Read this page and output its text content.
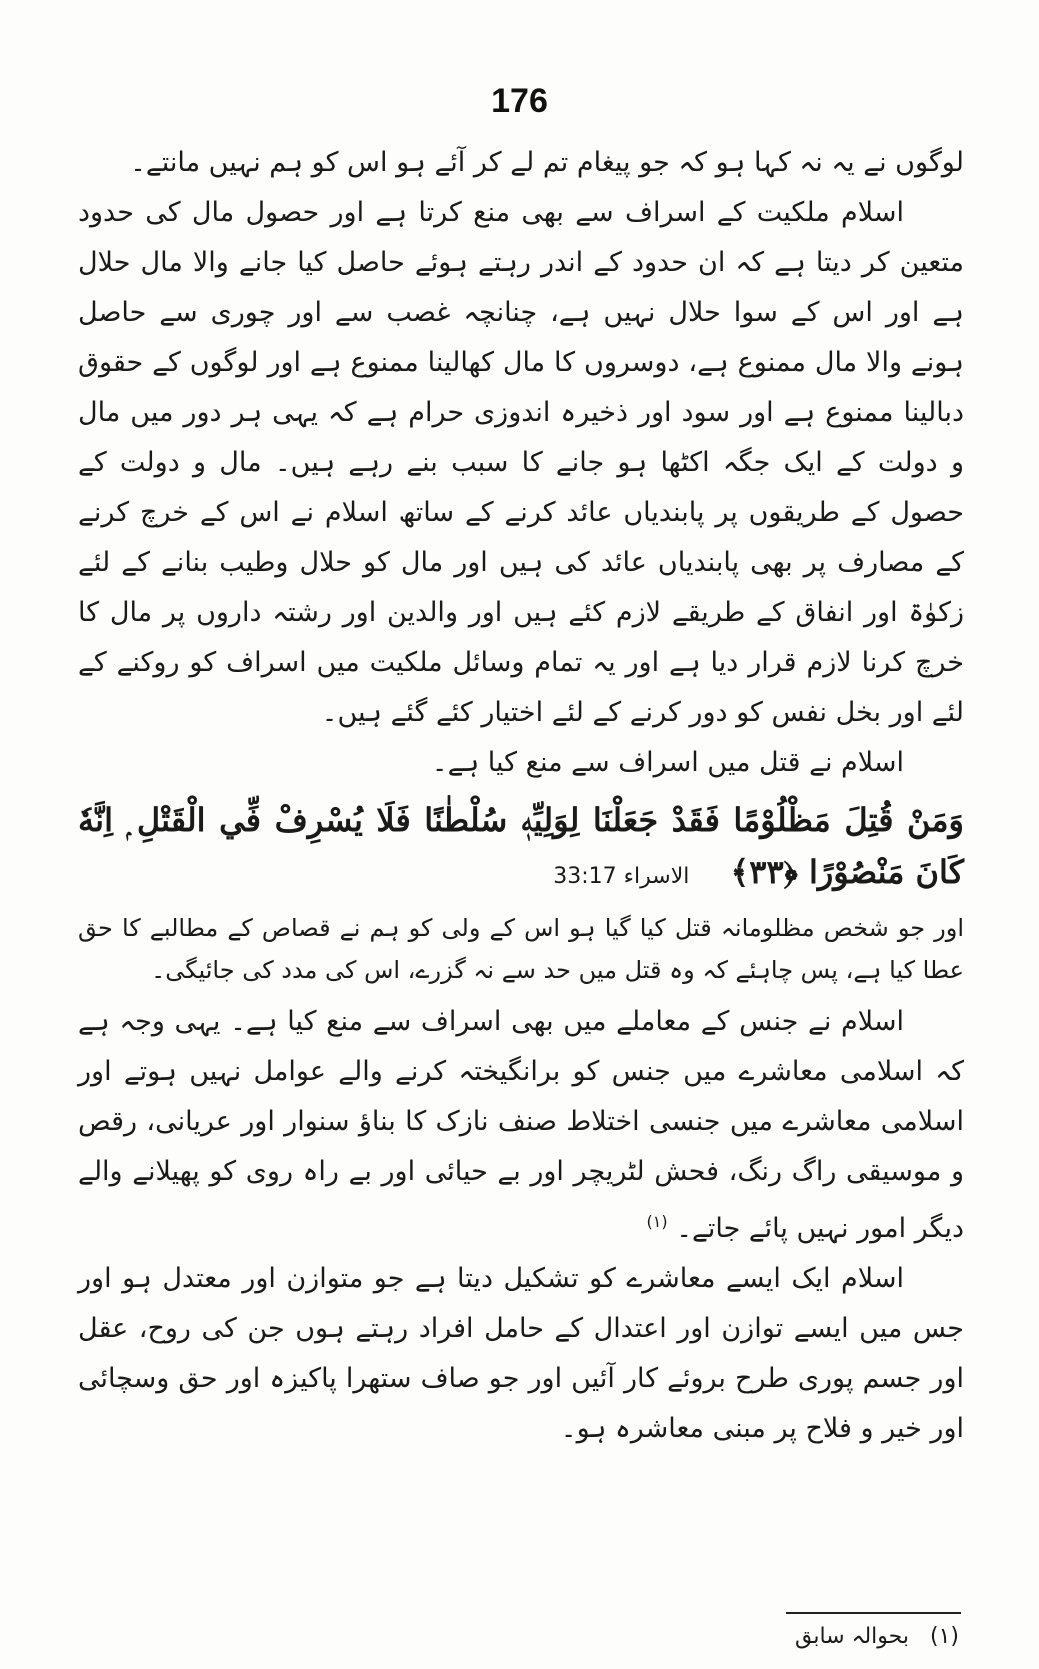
176

لوگوں نے یہ نہ کہا ہو کہ جو پیغام تم لے کر آئے ہو اس کو ہم نہیں مانتے۔

اسلام ملکیت کے اسراف سے بھی منع کرتا ہے اور حصول مال کی حدود متعین کر دیتا ہے کہ ان حدود کے اندر رہتے ہوئے حاصل کیا جانے والا مال حلال ہے اور اس کے سوا حلال نہیں ہے، چنانچہ غصب سے اور چوری سے حاصل ہونے والا مال ممنوع ہے، دوسروں کا مال کھالینا ممنوع ہے اور لوگوں کے حقوق دبالینا ممنوع ہے اور سود اور ذخیرہ اندوزی حرام ہے کہ یہی ہر دور میں مال و دولت کے ایک جگہ اکٹھا ہو جانے کا سبب بنے رہے ہیں۔ مال و دولت کے حصول کے طریقوں پر پابندیاں عائد کرنے کے ساتھ اسلام نے اس کے خرچ کرنے کے مصارف پر بھی پابندیاں عائد کی ہیں اور مال کو حلال وطیب بنانے کے لئے زکوٰۃ اور انفاق کے طریقے لازم کئے ہیں اور والدین اور رشتہ داروں پر مال کا خرچ کرنا لازم قرار دیا ہے اور یہ تمام وسائل ملکیت میں اسراف کو روکنے کے لئے اور بخل نفس کو دور کرنے کے لئے اختیار کئے گئے ہیں۔

اسلام نے قتل میں اسراف سے منع کیا ہے۔

وَمَنْ قُتِلَ مَظْلُوْمًا فَقَدْ جَعَلْنَا لِوَلِيِّهٖ سُلْطٰنًا فَلَا يُسْرِفْ فِّي الْقَتْلِ ۭ اِنَّهٗ كَانَ مَنْصُوْرًا ﴿۳۳﴾ الاسراء 33:17

اور جو شخص مظلومانہ قتل کیا گیا ہو اس کے ولی کو ہم نے قصاص کے مطالبے کا حق عطا کیا ہے، پس چاہئے کہ وہ قتل میں حد سے نہ گزرے، اس کی مدد کی جائیگی۔

اسلام نے جنس کے معاملے میں بھی اسراف سے منع کیا ہے۔ یہی وجہ ہے کہ اسلامی معاشرے میں جنس کو برانگیختہ کرنے والے عوامل نہیں ہوتے اور اسلامی معاشرے میں جنسی اختلاط صنف نازک کا بناؤ سنوار اور عریانی، رقص و موسیقی راگ رنگ، فحش لٹریچر اور بے حیائی اور بے راہ روی کو پھیلانے والے دیگر امور نہیں پائے جاتے۔ $^{(۱)}$

اسلام ایک ایسے معاشرے کو تشکیل دیتا ہے جو متوازن اور معتدل ہو اور جس میں ایسے توازن اور اعتدال کے حامل افراد رہتے ہوں جن کی روح، عقل اور جسم پوری طرح بروئے کار آئیں اور جو صاف ستھرا پاکیزہ اور حق وسچائی اور خیر و فلاح پر مبنی معاشرہ ہو۔

(۱) بحوالہ سابق
